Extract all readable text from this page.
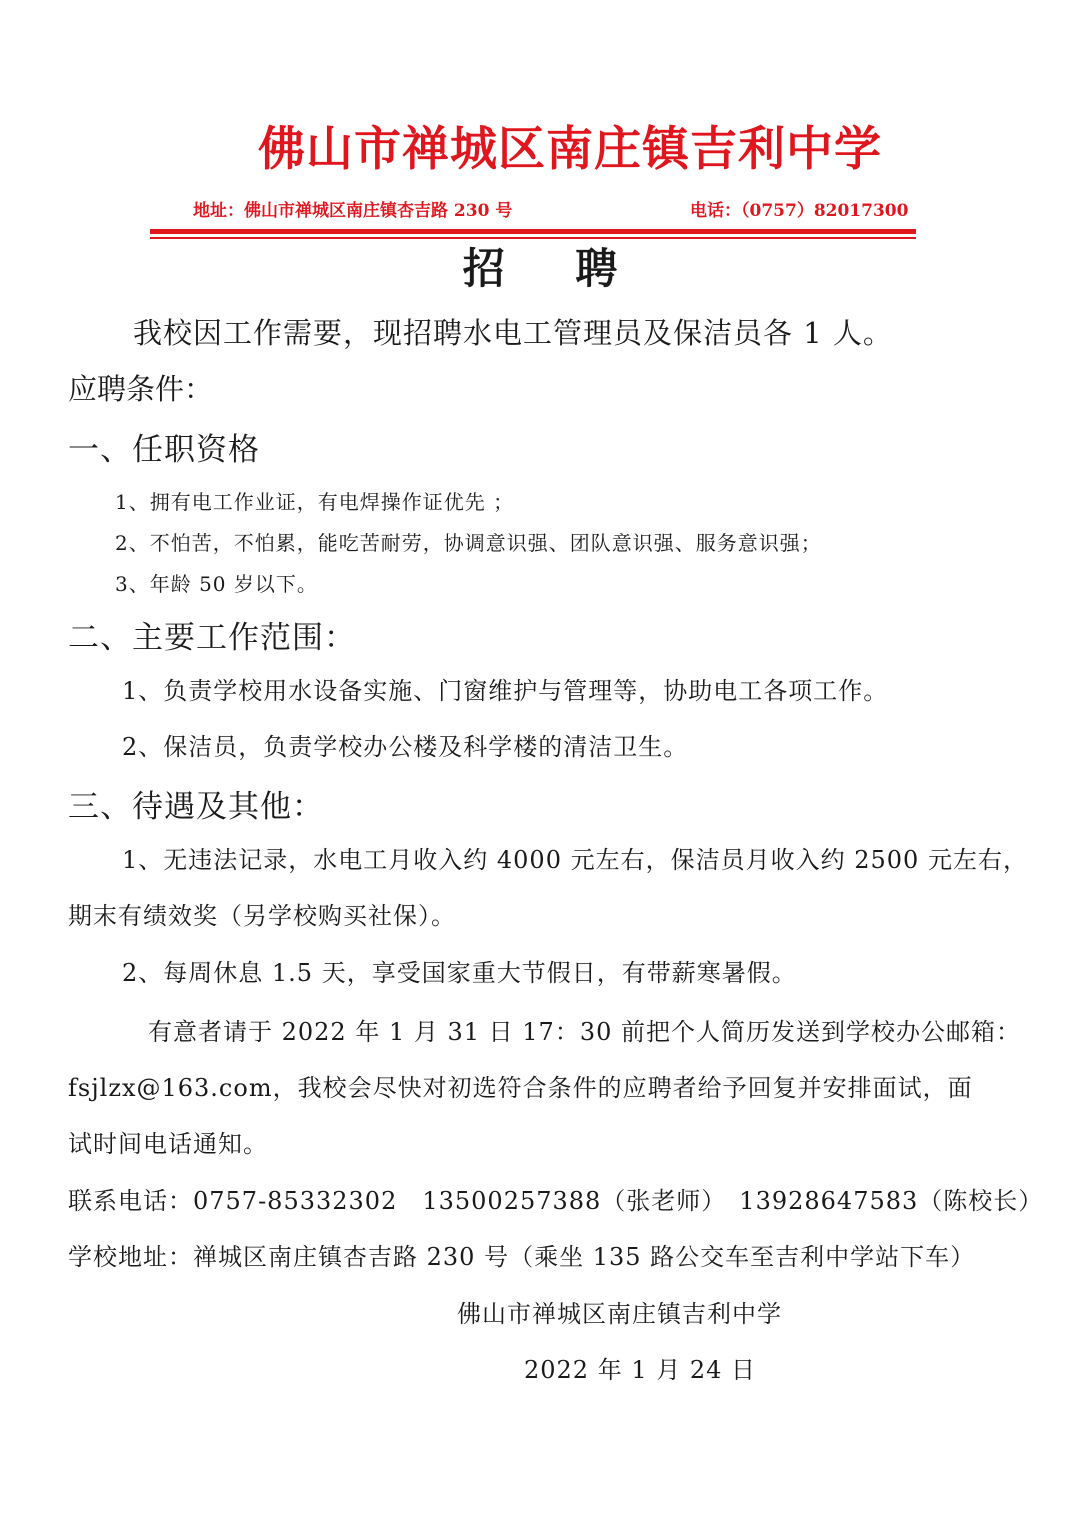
佛山市禅城区南庄镇吉利中学
地址：佛山市禅城区南庄镇杏吉路 230 号	电话：（0757）82017300
招 聘
我校因工作需要，现招聘水电工管理员及保洁员各 1 人。
应聘条件：
一、任职资格
1、拥有电工作业证，有电焊操作证优先 ；
2、不怕苦，不怕累，能吃苦耐劳，协调意识强、团队意识强、服务意识强；
3、年龄 50 岁以下。
二、主要工作范围：
1、负责学校用水设备实施、门窗维护与管理等，协助电工各项工作。
2、保洁员，负责学校办公楼及科学楼的清洁卫生。
三、待遇及其他：
1、无违法记录，水电工月收入约 4000 元左右，保洁员月收入约 2500 元左右，
期末有绩效奖（另学校购买社保）。
2、每周休息 1.5 天，享受国家重大节假日，有带薪寒暑假。
有意者请于 2022 年 1 月 31 日 17：30 前把个人简历发送到学校办公邮箱：
fsjlzx@163.com，我校会尽快对初选符合条件的应聘者给予回复并安排面试，面
试时间电话通知。
联系电话：0757-85332302　13500257388（张老师）　13928647583（陈校长）
学校地址：禅城区南庄镇杏吉路 230 号（乘坐 135 路公交车至吉利中学站下车）
佛山市禅城区南庄镇吉利中学
2022 年 1 月 24 日
